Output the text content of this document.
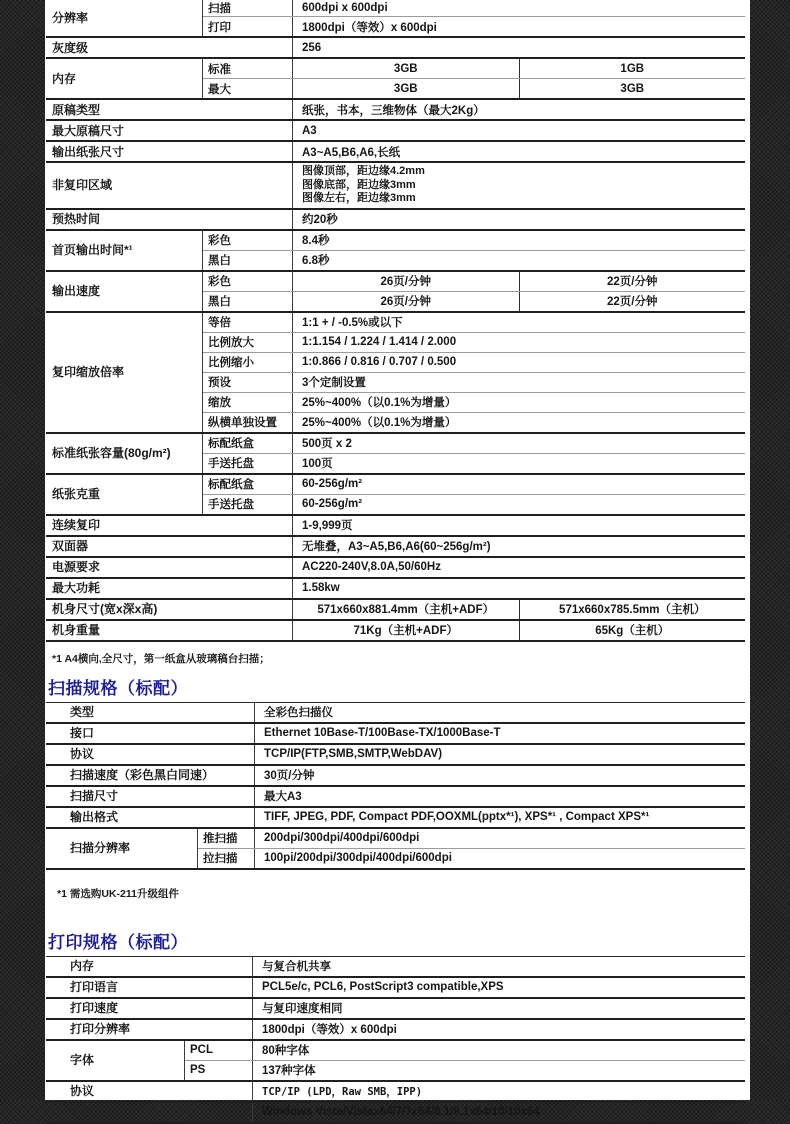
分辨率
扫描	600dpi x 600dpi
打印	1800dpi（等效）x 600dpi
灰度级	256
内存
标准	3GB	1GB
最大	3GB	3GB
原稿类型	纸张，书本，三维物体（最大2Kg）
最大原稿尺寸	A3
输出纸张尺寸	A3~A5,B6,A6,长纸
非复印区域
图像顶部，距边缘4.2mm
图像底部，距边缘3mm
图像左右，距边缘3mm
预热时间	约20秒
首页输出时间*¹
彩色	8.4秒
黑白	6.8秒
输出速度
彩色	26页/分钟	22页/分钟
黑白	26页/分钟	22页/分钟
复印缩放倍率
等倍	1:1 + / -0.5%或以下
比例放大	1:1.154 / 1.224 / 1.414 / 2.000
比例缩小	1:0.866 / 0.816 / 0.707 / 0.500
预设	3个定制设置
缩放	25%~400%（以0.1%为增量）
纵横单独设置	25%~400%（以0.1%为增量）
标准纸张容量(80g/m²)
标配纸盒	500页 x 2
手送托盘	100页
纸张克重
标配纸盒	60-256g/m²
手送托盘	60-256g/m²
连续复印	1-9,999页
双面器	无堆叠，A3~A5,B6,A6(60~256g/m²)
电源要求	AC220-240V,8.0A,50/60Hz
最大功耗	1.58kw
机身尺寸(宽x深x高)	571x660x881.4mm（主机+ADF）	571x660x785.5mm（主机）
机身重量	71Kg（主机+ADF）	65Kg（主机）
*1 A4横向,全尺寸，第一纸盒从玻璃稿台扫描；
扫描规格（标配）
类型	全彩色扫描仪
接口	Ethernet 10Base-T/100Base-TX/1000Base-T
协议	TCP/IP(FTP,SMB,SMTP,WebDAV)
扫描速度（彩色黑白同速）	30页/分钟
扫描尺寸	最大A3
输出格式	TIFF, JPEG, PDF, Compact PDF,OOXML(pptx*¹), XPS*¹ , Compact XPS*¹
扫描分辨率
推扫描	200dpi/300dpi/400dpi/600dpi
拉扫描	100pi/200dpi/300dpi/400dpi/600dpi
*1 需选购UK-211升级组件
打印规格（标配）
内存	与复合机共享
打印语言	PCL5e/c, PCL6, PostScript3 compatible,XPS
打印速度	与复印速度相同
打印分辨率	1800dpi（等效）x 600dpi
字体
PCL	80种字体
PS	137种字体
协议	TCP/IP (LPD，Raw SMB，IPP)
Windows Vista/Vistax64/7/7x64/8.1/8.1x64/10/10x64
